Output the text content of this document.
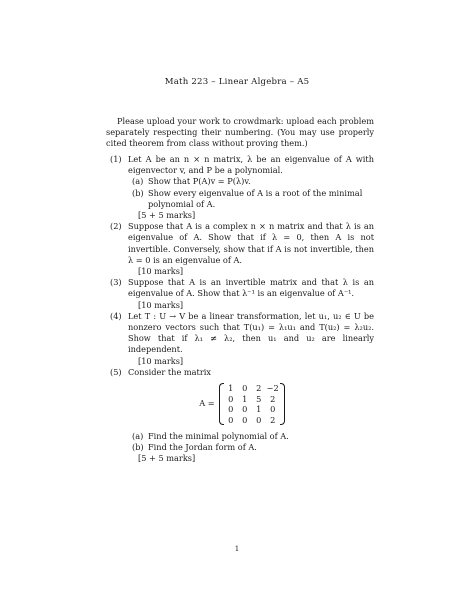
Math 223 – Linear Algebra – A5
Please upload your work to crowdmark: upload each problem separately respecting their numbering. (You may use properly cited theorem from class without proving them.)
(1) Let A be an n × n matrix, λ be an eigenvalue of A with eigenvector v, and P be a polynomial.
(a) Show that P(A)v = P(λ)v.
(b) Show every eigenvalue of A is a root of the minimal polynomial of A.
[5 + 5 marks]
(2) Suppose that A is a complex n × n matrix and that λ is an eigenvalue of A. Show that if λ = 0, then A is not invertible. Conversely, show that if A is not invertible, then λ = 0 is an eigenvalue of A.
[10 marks]
(3) Suppose that A is an invertible matrix and that λ is an eigenvalue of A. Show that λ⁻¹ is an eigenvalue of A⁻¹.
[10 marks]
(4) Let T : U → V be a linear transformation, let u₁, u₂ ∈ U be nonzero vectors such that T(u₁) = λ₁u₁ and T(u₂) = λ₂u₂. Show that if λ₁ ≠ λ₂, then u₁ and u₂ are linearly independent.
[10 marks]
(5) Consider the matrix
A =
1	0	2 −2
0	1	5	2
0	0	1	0
0	0	0	2
(a) Find the minimal polynomial of A.
(b) Find the Jordan form of A.
[5 + 5 marks]
1
